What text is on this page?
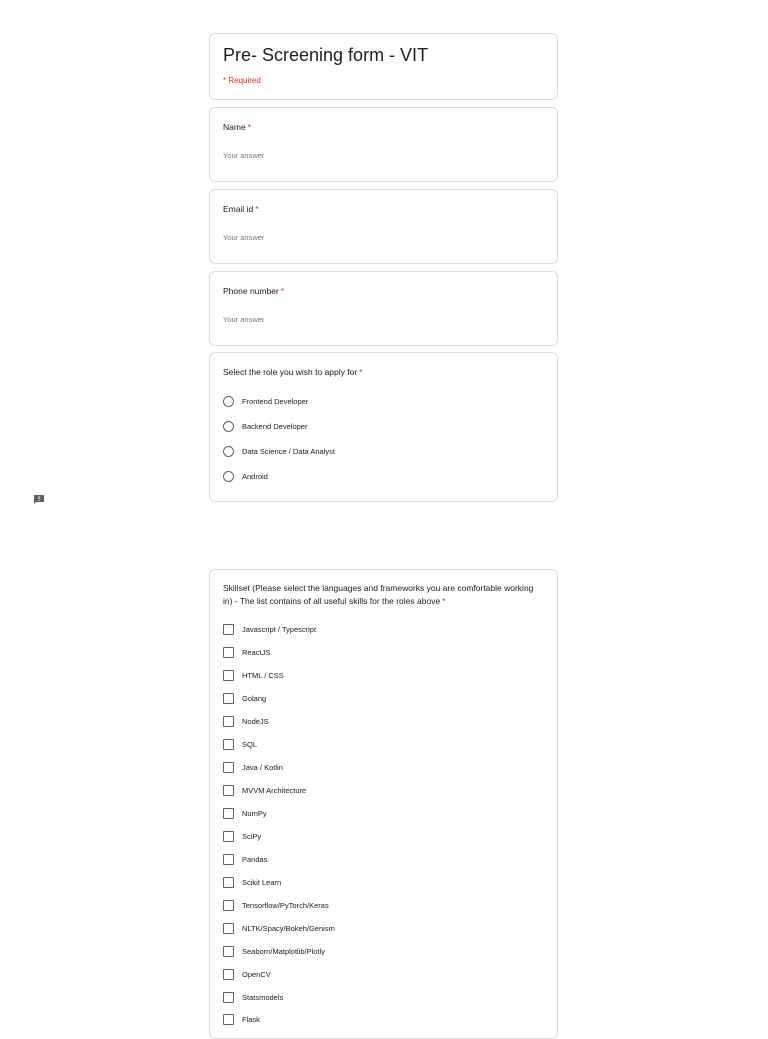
Pre- Screening form - VIT
* Required
Name *
Your answer
Email id *
Your answer
Phone number *
Your answer
Select the role you wish to apply for *
Frontend Developer
Backend Developer
Data Science / Data Analyst
Android
Skillset (Please select the languages and frameworks you are comfortable working in) - The list contains of all useful skills for the roles above *
Javascript / Typescript
ReactJS
HTML / CSS
Golang
NodeJS
SQL
Java / Kotlin
MVVM Architecture
NumPy
SciPy
Pandas
Scikit Learn
Tensorflow/PyTorch/Keras
NLTK/Spacy/Bokeh/Genism
Seaborn/Matplotlib/Plotly
OpenCV
Statsmodels
Flask
